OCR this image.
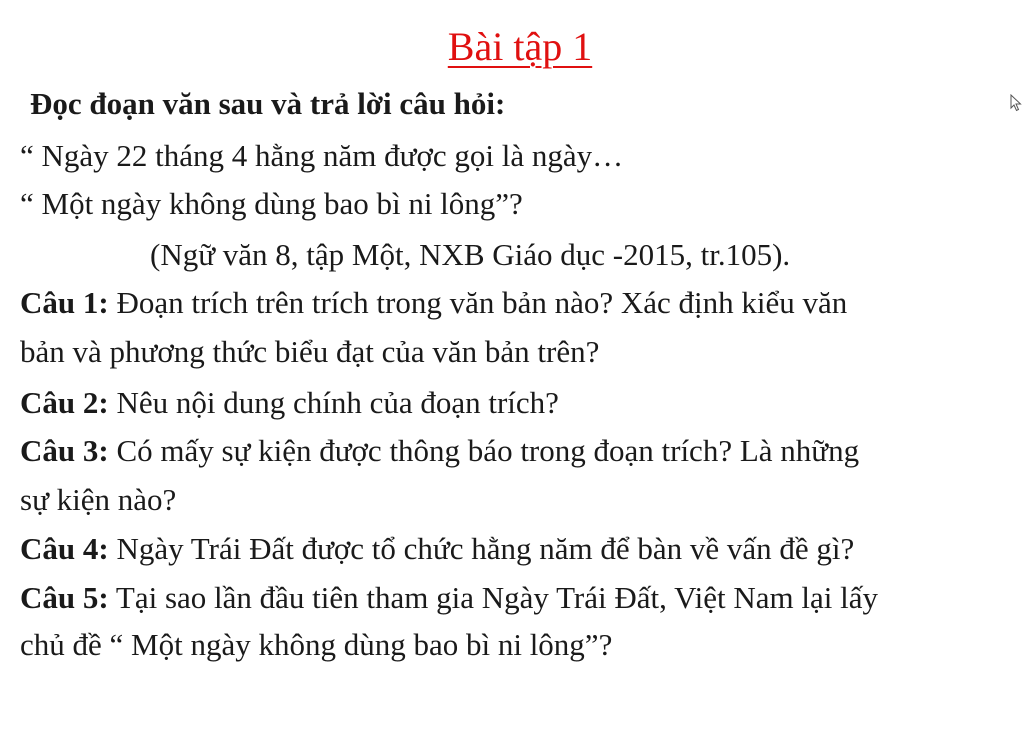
Bài tập 1
Đọc đoạn văn sau và trả lời câu hỏi:
“ Ngày 22 tháng 4 hằng năm được gọi là ngày…
“ Một ngày không dùng bao bì ni lông”?
(Ngữ văn 8, tập Một, NXB Giáo dục -2015, tr.105).
Câu 1: Đoạn trích trên trích trong văn bản nào? Xác định kiểu văn
bản và phương thức biểu đạt của văn bản trên?
Câu 2: Nêu nội dung chính của đoạn trích?
Câu 3: Có mấy sự kiện được thông báo trong đoạn trích? Là những
sự kiện nào?
Câu 4: Ngày Trái Đất được tổ chức hằng năm để bàn về vấn đề gì?
Câu 5: Tại sao lần đầu tiên tham gia Ngày Trái Đất, Việt Nam lại lấy
chủ đề “ Một ngày không dùng bao bì ni lông”?
